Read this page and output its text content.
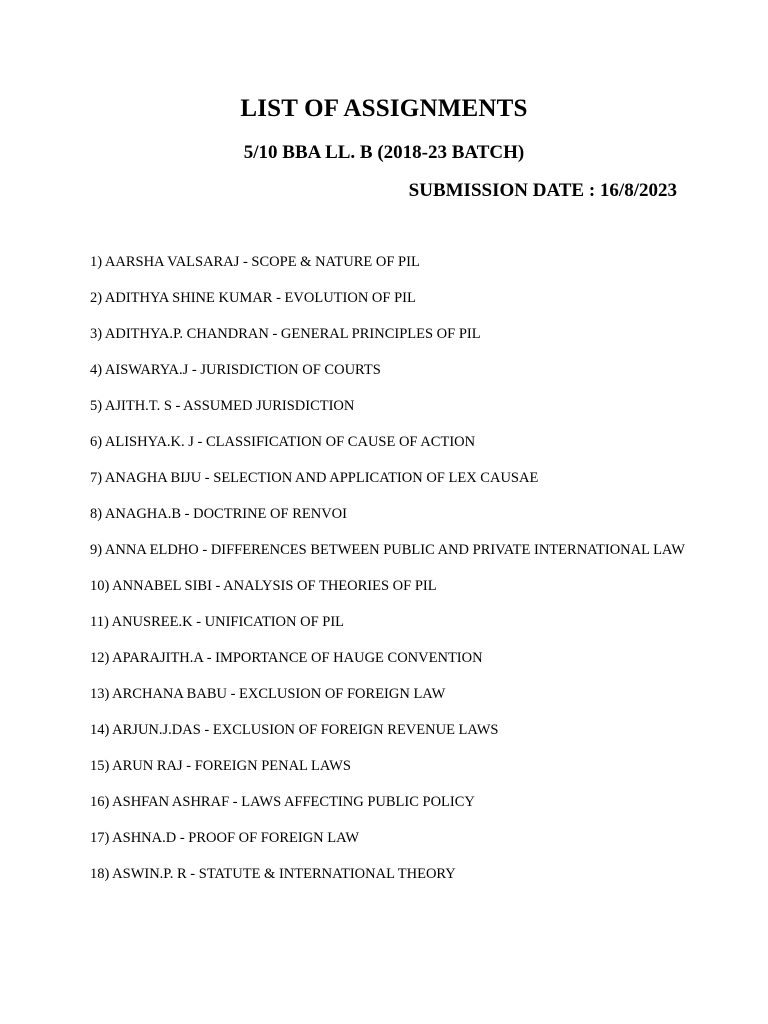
LIST OF ASSIGNMENTS
5/10 BBA LL. B (2018-23 BATCH)
SUBMISSION DATE : 16/8/2023
1) AARSHA VALSARAJ - SCOPE & NATURE OF PIL
2) ADITHYA SHINE KUMAR - EVOLUTION OF PIL
3) ADITHYA.P. CHANDRAN - GENERAL PRINCIPLES OF PIL
4) AISWARYA.J - JURISDICTION OF COURTS
5) AJITH.T. S - ASSUMED JURISDICTION
6) ALISHYA.K. J - CLASSIFICATION OF CAUSE OF ACTION
7) ANAGHA BIJU - SELECTION AND APPLICATION OF LEX CAUSAE
8) ANAGHA.B - DOCTRINE OF RENVOI
9) ANNA ELDHO - DIFFERENCES BETWEEN PUBLIC AND PRIVATE INTERNATIONAL LAW
10) ANNABEL SIBI - ANALYSIS OF THEORIES OF PIL
11) ANUSREE.K - UNIFICATION OF PIL
12) APARAJITH.A - IMPORTANCE OF HAUGE CONVENTION
13) ARCHANA BABU - EXCLUSION OF FOREIGN LAW
14) ARJUN.J.DAS - EXCLUSION OF FOREIGN REVENUE LAWS
15) ARUN RAJ - FOREIGN PENAL LAWS
16) ASHFAN ASHRAF - LAWS AFFECTING PUBLIC POLICY
17) ASHNA.D - PROOF OF FOREIGN LAW
18) ASWIN.P. R - STATUTE & INTERNATIONAL THEORY
